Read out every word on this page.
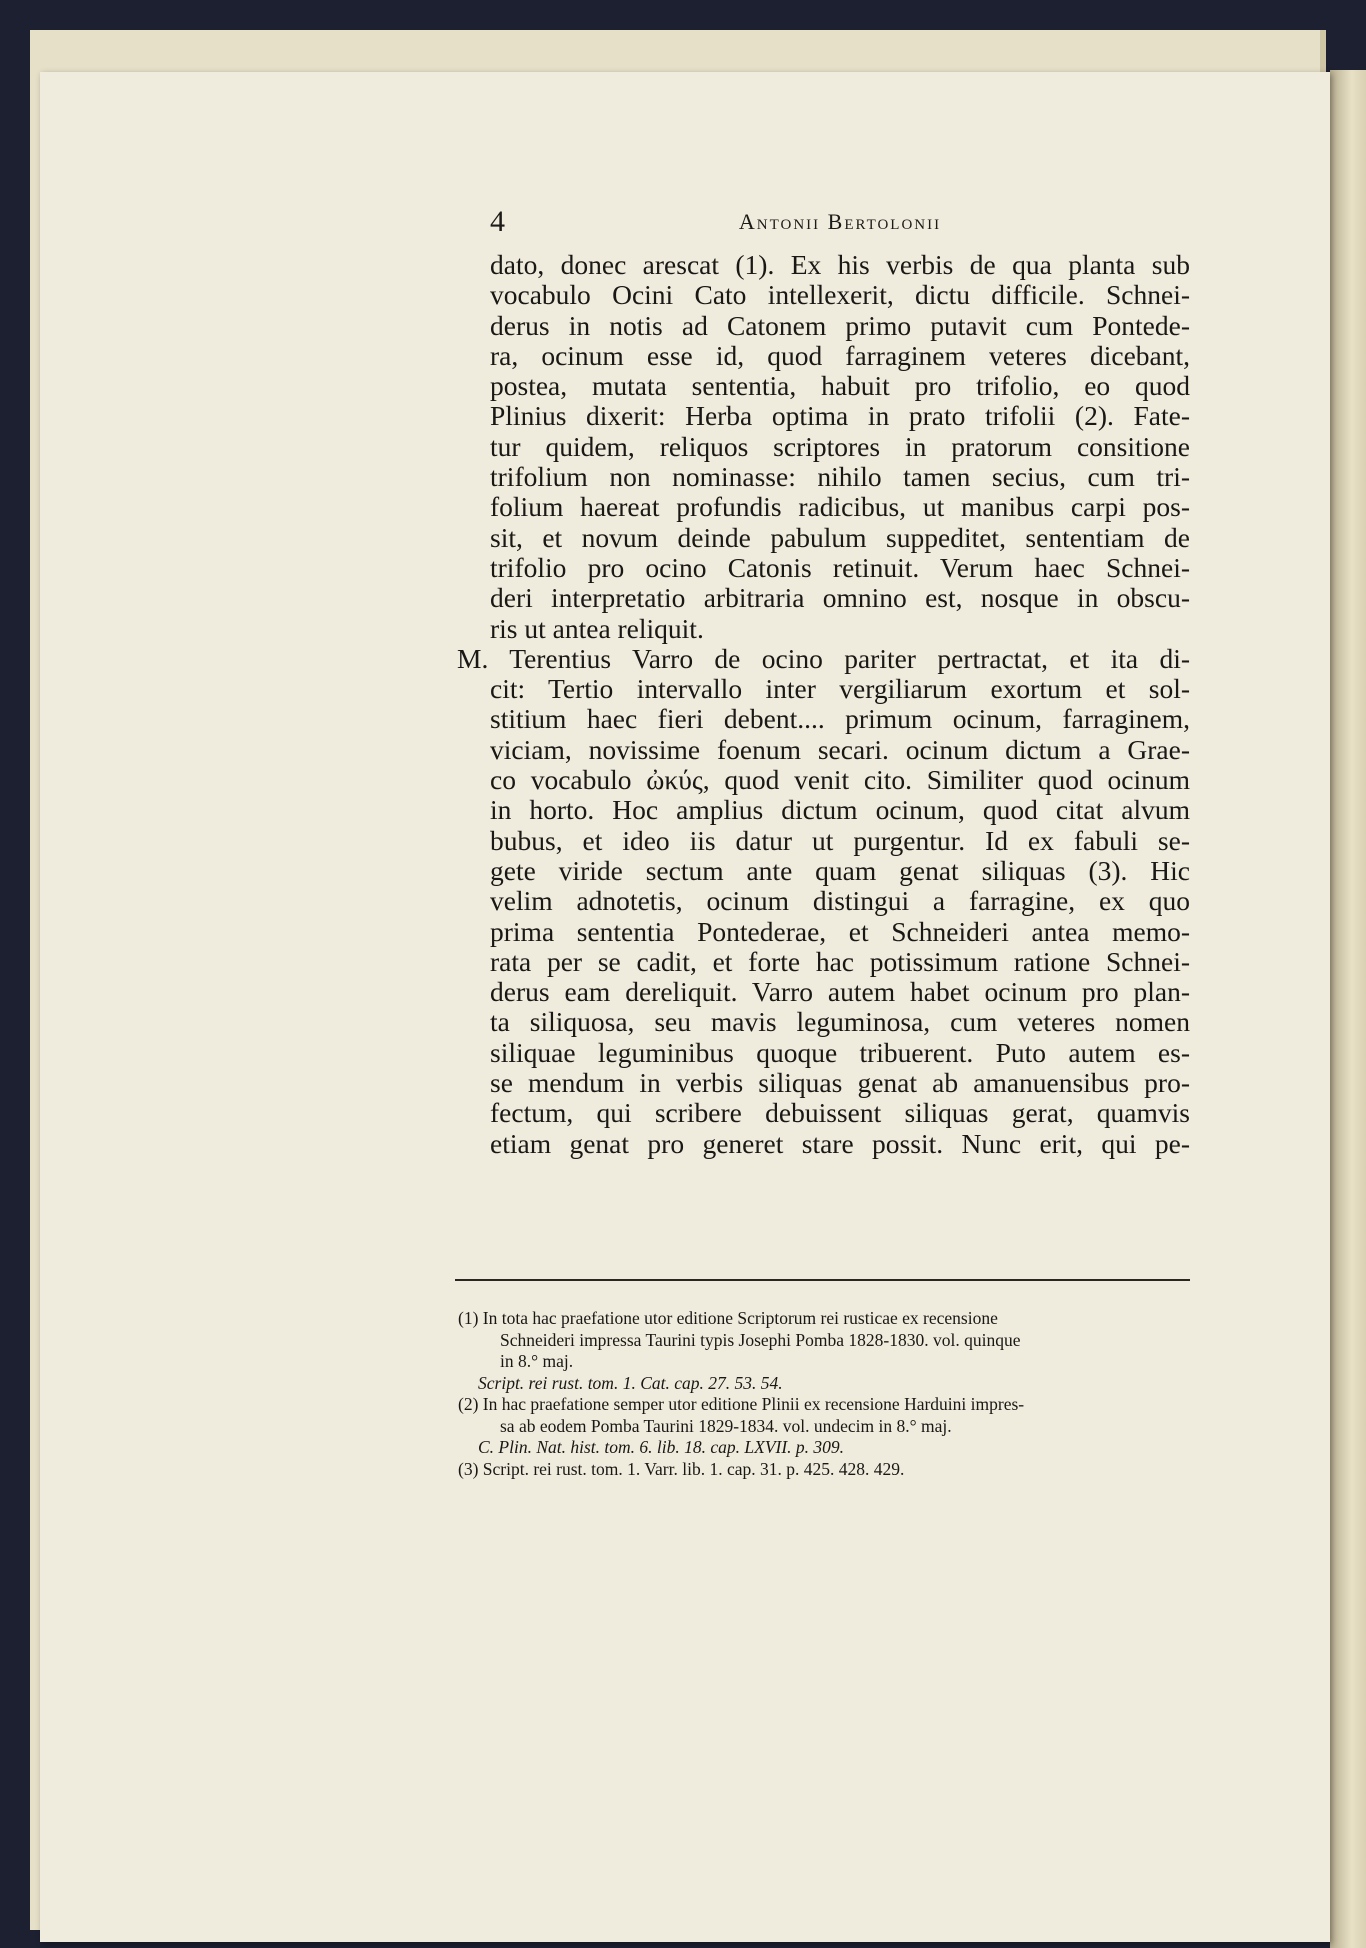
4	Antonii Bertolonii
dato, donec arescat (1). Ex his verbis de qua planta sub
vocabulo Ocini Cato intellexerit, dictu difficile. Schnei-
derus in notis ad Catonem primo putavit cum Pontede-
ra, ocinum esse id, quod farraginem veteres dicebant,
postea, mutata sententia, habuit pro trifolio, eo quod
Plinius dixerit: Herba optima in prato trifolii (2). Fate-
tur quidem, reliquos scriptores in pratorum consitione
trifolium non nominasse: nihilo tamen secius, cum tri-
folium haereat profundis radicibus, ut manibus carpi pos-
sit, et novum deinde pabulum suppeditet, sententiam de
trifolio pro ocino Catonis retinuit. Verum haec Schnei-
deri interpretatio arbitraria omnino est, nosque in obscu-
ris ut antea reliquit.
M. Terentius Varro de ocino pariter pertractat, et ita di-
cit: Tertio intervallo inter vergiliarum exortum et sol-
stitium haec fieri debent.... primum ocinum, farraginem,
viciam, novissime foenum secari. ocinum dictum a Grae-
co vocabulo ὠκύς, quod venit cito. Similiter quod ocinum
in horto. Hoc amplius dictum ocinum, quod citat alvum
bubus, et ideo iis datur ut purgentur. Id ex fabuli se-
gete viride sectum ante quam genat siliquas (3). Hic
velim adnotetis, ocinum distingui a farragine, ex quo
prima sententia Pontederae, et Schneideri antea memo-
rata per se cadit, et forte hac potissimum ratione Schnei-
derus eam dereliquit. Varro autem habet ocinum pro plan-
ta siliquosa, seu mavis leguminosa, cum veteres nomen
siliquae leguminibus quoque tribuerent. Puto autem es-
se mendum in verbis siliquas genat ab amanuensibus pro-
fectum, qui scribere debuissent siliquas gerat, quamvis
etiam genat pro generet stare possit. Nunc erit, qui pe-
(1) In tota hac praefatione utor editione Scriptorum rei rusticae ex recensione
Schneideri impressa Taurini typis Josephi Pomba 1828-1830. vol. quinque
in 8.° maj.
Script. rei rust. tom. 1. Cat. cap. 27. 53. 54.
(2) In hac praefatione semper utor editione Plinii ex recensione Harduini impres-
sa ab eodem Pomba Taurini 1829-1834. vol. undecim in 8.° maj.
C. Plin. Nat. hist. tom. 6. lib. 18. cap. LXVII. p. 309.
(3) Script. rei rust. tom. 1. Varr. lib. 1. cap. 31. p. 425. 428. 429.
